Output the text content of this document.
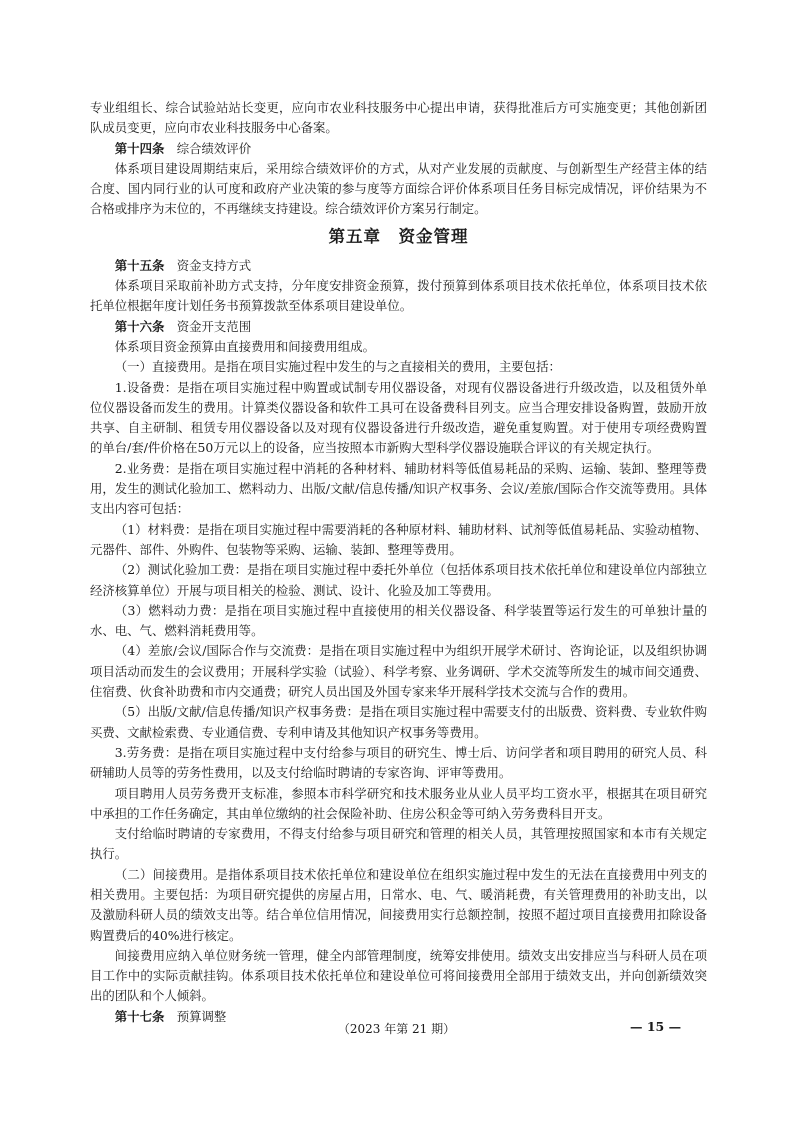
专业组组长、综合试验站站长变更，应向市农业科技服务中心提出申请，获得批准后方可实施变更；其他创新团队成员变更，应向市农业科技服务中心备案。

第十四条　 综合绩效评价

体系项目建设周期结束后，采用综合绩效评价的方式，从对产业发展的贡献度、与创新型生产经营主体的结合度、国内同行业的认可度和政府产业决策的参与度等方面综合评价体系项目任务目标完成情况，评价结果为不合格或排序为末位的，不再继续支持建设。综合绩效评价方案另行制定。

第五章　资金管理

第十五条　 资金支持方式

体系项目采取前补助方式支持，分年度安排资金预算，拨付预算到体系项目技术依托单位，体系项目技术依托单位根据年度计划任务书预算拨款至体系项目建设单位。

第十六条　 资金开支范围

体系项目资金预算由直接费用和间接费用组成。

（一）直接费用。是指在项目实施过程中发生的与之直接相关的费用，主要包括：

1.设备费：是指在项目实施过程中购置或试制专用仪器设备，对现有仪器设备进行升级改造，以及租赁外单位仪器设备而发生的费用。计算类仪器设备和软件工具可在设备费科目列支。应当合理安排设备购置，鼓励开放共享、自主研制、租赁专用仪器设备以及对现有仪器设备进行升级改造，避免重复购置。对于使用专项经费购置的单台/套/件价格在50万元以上的设备，应当按照本市新购大型科学仪器设施联合评议的有关规定执行。

2.业务费：是指在项目实施过程中消耗的各种材料、辅助材料等低值易耗品的采购、运输、装卸、整理等费用，发生的测试化验加工、燃料动力、出版/文献/信息传播/知识产权事务、会议/差旅/国际合作交流等费用。具体支出内容可包括：

（1）材料费：是指在项目实施过程中需要消耗的各种原材料、辅助材料、试剂等低值易耗品、实验动植物、元器件、部件、外购件、包装物等采购、运输、装卸、整理等费用。

（2）测试化验加工费：是指在项目实施过程中委托外单位（包括体系项目技术依托单位和建设单位内部独立经济核算单位）开展与项目相关的检验、测试、设计、化验及加工等费用。

（3）燃料动力费：是指在项目实施过程中直接使用的相关仪器设备、科学装置等运行发生的可单独计量的水、电、气、燃料消耗费用等。

（4）差旅/会议/国际合作与交流费：是指在项目实施过程中为组织开展学术研讨、咨询论证，以及组织协调项目活动而发生的会议费用；开展科学实验（试验）、科学考察、业务调研、学术交流等所发生的城市间交通费、住宿费、伙食补助费和市内交通费；研究人员出国及外国专家来华开展科学技术交流与合作的费用。

（5）出版/文献/信息传播/知识产权事务费：是指在项目实施过程中需要支付的出版费、资料费、专业软件购买费、文献检索费、专业通信费、专利申请及其他知识产权事务等费用。

3.劳务费：是指在项目实施过程中支付给参与项目的研究生、博士后、访问学者和项目聘用的研究人员、科研辅助人员等的劳务性费用，以及支付给临时聘请的专家咨询、评审等费用。

项目聘用人员劳务费开支标准，参照本市科学研究和技术服务业从业人员平均工资水平，根据其在项目研究中承担的工作任务确定，其由单位缴纳的社会保险补助、住房公积金等可纳入劳务费科目开支。

支付给临时聘请的专家费用，不得支付给参与项目研究和管理的相关人员，其管理按照国家和本市有关规定执行。

（二）间接费用。是指体系项目技术依托单位和建设单位在组织实施过程中发生的无法在直接费用中列支的相关费用。主要包括：为项目研究提供的房屋占用，日常水、电、气、暖消耗费，有关管理费用的补助支出，以及激励科研人员的绩效支出等。结合单位信用情况，间接费用实行总额控制，按照不超过项目直接费用扣除设备购置费后的40%进行核定。

间接费用应纳入单位财务统一管理，健全内部管理制度，统筹安排使用。绩效支出安排应当与科研人员在项目工作中的实际贡献挂钩。体系项目技术依托单位和建设单位可将间接费用全部用于绩效支出，并向创新绩效突出的团队和个人倾斜。

第十七条　 预算调整

（2023 年第 21 期）	— 15 —
